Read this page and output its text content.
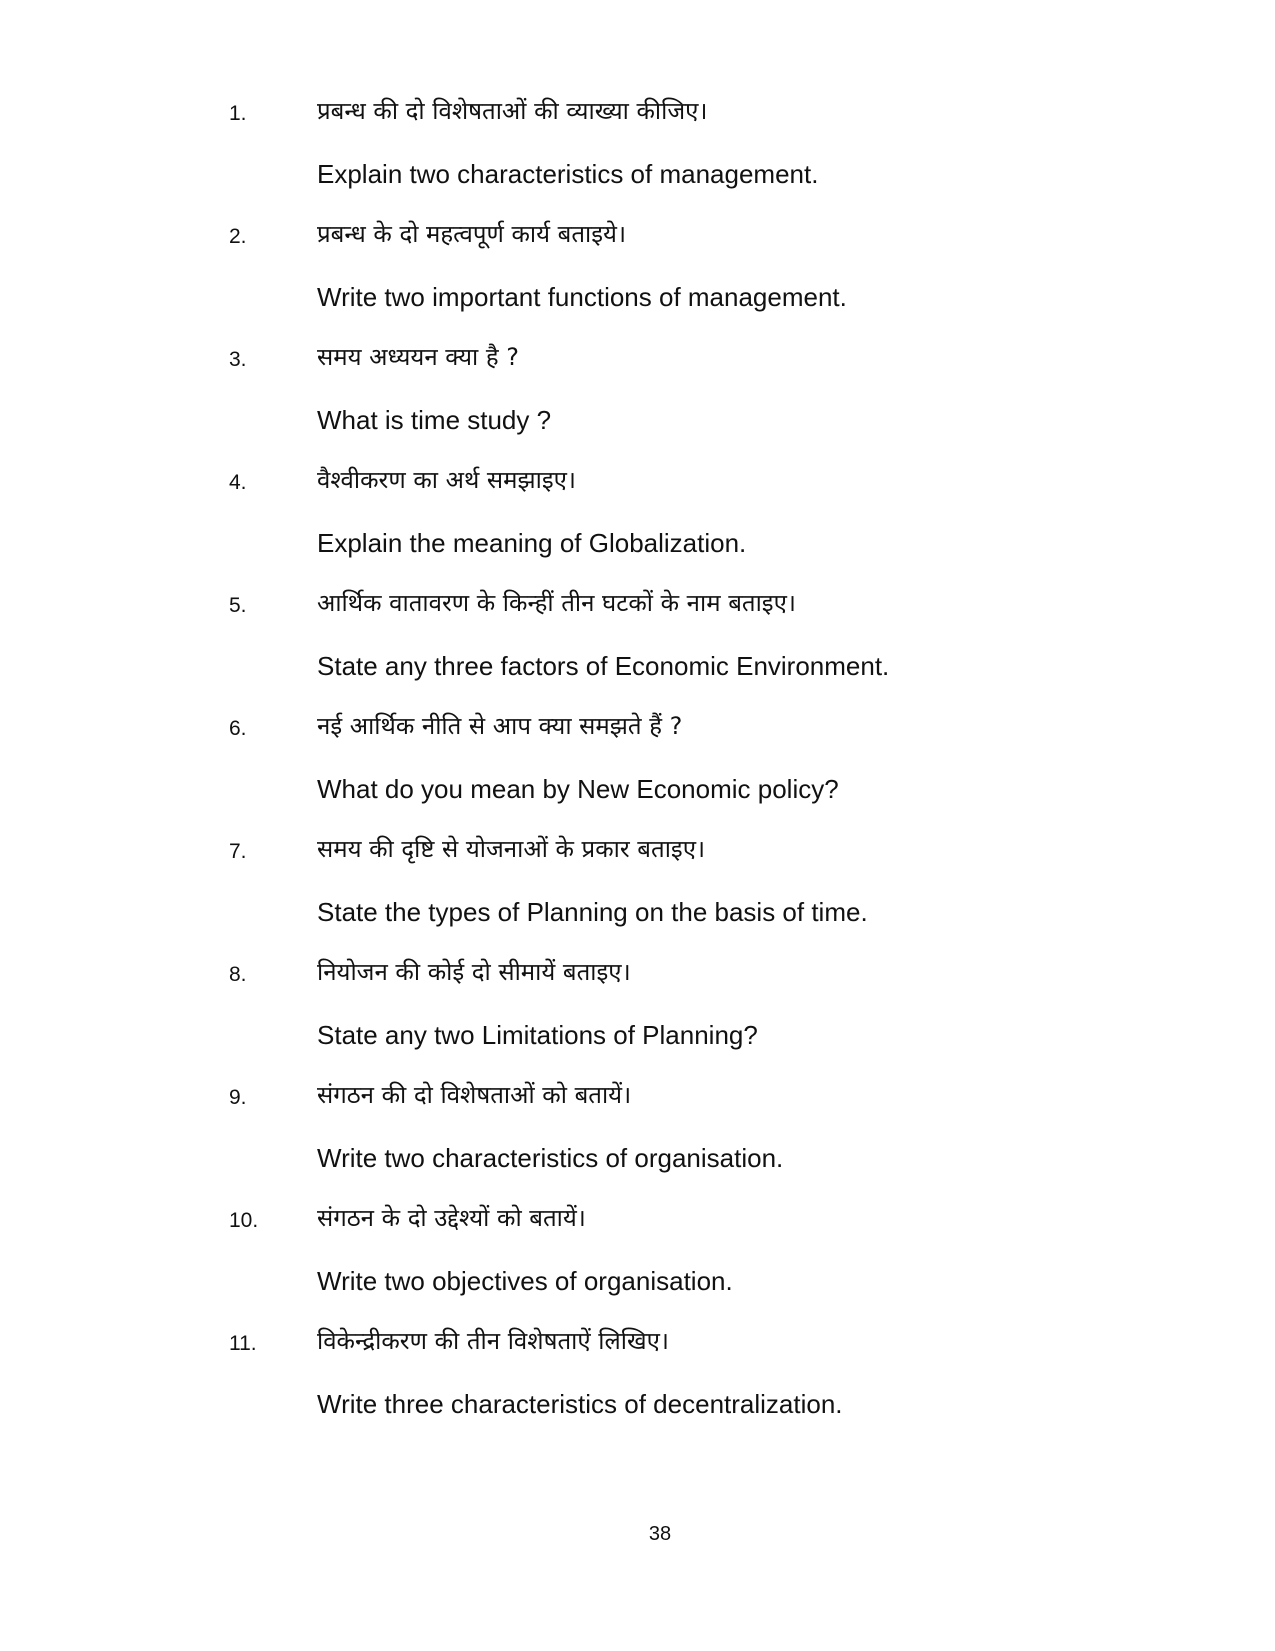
1.	प्रबन्ध की दो विशेषताओं की व्याख्या कीजिए।
Explain two characteristics of management.
2.	प्रबन्ध के दो महत्वपूर्ण कार्य बताइये।
Write two important functions of management.
3.	समय अध्ययन क्या है ?
What is time study ?
4.	वैश्वीकरण का अर्थ समझाइए।
Explain the meaning of Globalization.
5.	आर्थिक वातावरण के किन्हीं तीन घटकों के नाम बताइए।
State any three factors of Economic Environment.
6.	नई आर्थिक नीति से आप क्या समझते हैं ?
What do you mean by New Economic policy?
7.	समय की दृष्टि से योजनाओं के प्रकार बताइए।
State the types of Planning on the basis of time.
8.	नियोजन की कोई दो सीमायें बताइए।
State any two Limitations of Planning?
9.	संगठन की दो विशेषताओं को बतायें।
Write two characteristics of organisation.
10. संगठन के दो उद्देश्यों को बतायें।
Write two objectives of organisation.
11.	विकेन्द्रीकरण की तीन विशेषताऐं लिखिए।
Write three characteristics of decentralization.
38
